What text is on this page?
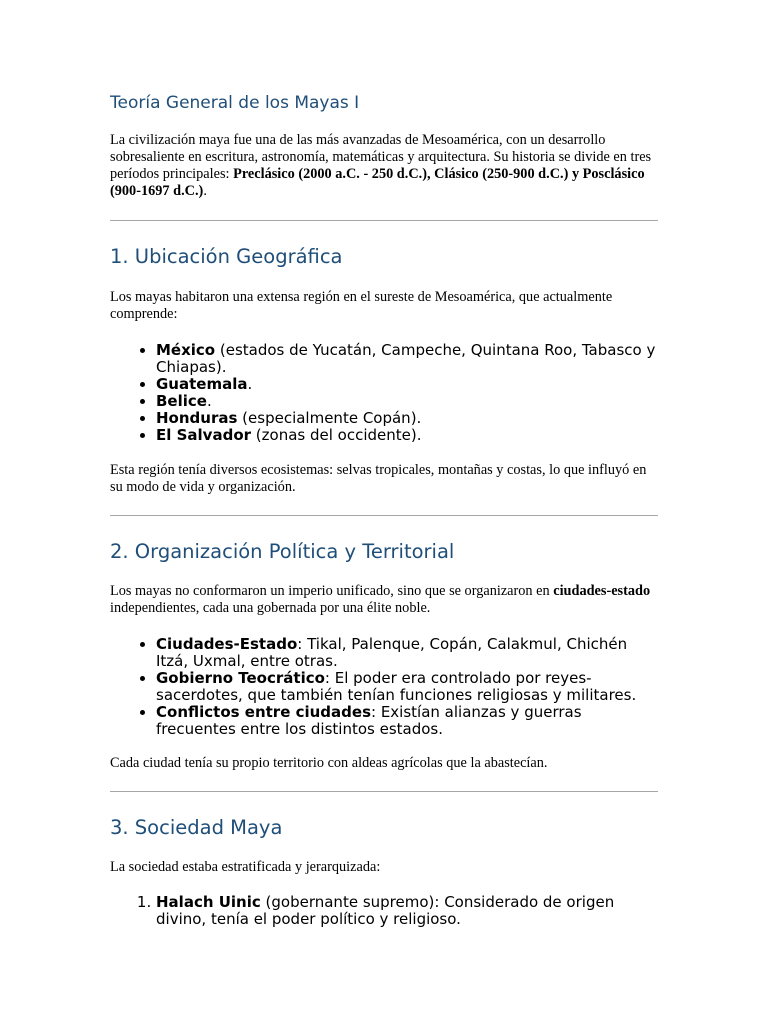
Teoría General de los Mayas I

La civilización maya fue una de las más avanzadas de Mesoamérica, con un desarrollo sobresaliente en escritura, astronomía, matemáticas y arquitectura. Su historia se divide en tres períodos principales: Preclásico (2000 a.C. - 250 d.C.), Clásico (250-900 d.C.) y Posclásico (900-1697 d.C.).

1. Ubicación Geográfica

Los mayas habitaron una extensa región en el sureste de Mesoamérica, que actualmente comprende:

• México (estados de Yucatán, Campeche, Quintana Roo, Tabasco y Chiapas).
• Guatemala.
• Belice.
• Honduras (especialmente Copán).
• El Salvador (zonas del occidente).

Esta región tenía diversos ecosistemas: selvas tropicales, montañas y costas, lo que influyó en su modo de vida y organización.

2. Organización Política y Territorial

Los mayas no conformaron un imperio unificado, sino que se organizaron en ciudades-estado independientes, cada una gobernada por una élite noble.

• Ciudades-Estado: Tikal, Palenque, Copán, Calakmul, Chichén Itzá, Uxmal, entre otras.
• Gobierno Teocrático: El poder era controlado por reyes-sacerdotes, que también tenían funciones religiosas y militares.
• Conflictos entre ciudades: Existían alianzas y guerras frecuentes entre los distintos estados.

Cada ciudad tenía su propio territorio con aldeas agrícolas que la abastecían.

3. Sociedad Maya

La sociedad estaba estratificada y jerarquizada:

1. Halach Uinic (gobernante supremo): Considerado de origen divino, tenía el poder político y religioso.
